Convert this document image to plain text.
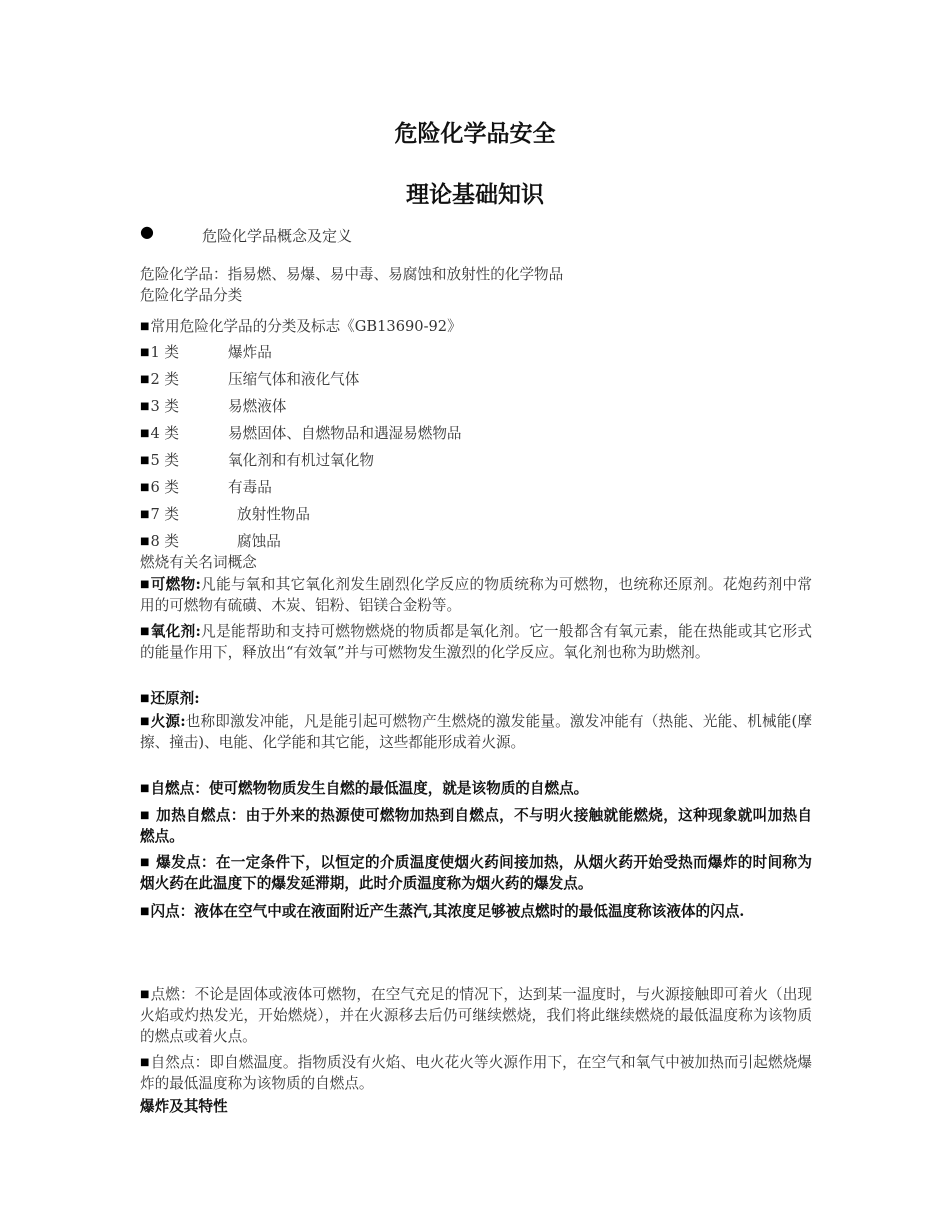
危险化学品安全
理论基础知识
●	危险化学品概念及定义
危险化学品：指易燃、易爆、易中毒、易腐蚀和放射性的化学物品
危险化学品分类
■常用危险化学品的分类及标志《GB13690-92》
■1 类	爆炸品
■2 类	压缩气体和液化气体
■3 类	易燃液体
■4 类	易燃固体、自燃物品和遇湿易燃物品
■5 类	氧化剂和有机过氧化物
■6 类	有毒品
■7 类	放射性物品
■8 类	腐蚀品
燃烧有关名词概念
■可燃物:凡能与氧和其它氧化剂发生剧烈化学反应的物质统称为可燃物，也统称还原剂。花炮药剂中常用的可燃物有硫磺、木炭、铝粉、铝镁合金粉等。
■氧化剂:凡是能帮助和支持可燃物燃烧的物质都是氧化剂。它一般都含有氧元素，能在热能或其它形式的能量作用下，释放出“有效氧”并与可燃物发生激烈的化学反应。氧化剂也称为助燃剂。
■还原剂:
■火源:也称即激发冲能，凡是能引起可燃物产生燃烧的激发能量。激发冲能有（热能、光能、机械能(摩擦、撞击)、电能、化学能和其它能，这些都能形成着火源。
■自燃点：使可燃物物质发生自燃的最低温度，就是该物质的自燃点。
■ 加热自燃点：由于外来的热源使可燃物加热到自燃点，不与明火接触就能燃烧，这种现象就叫加热自燃点。
■ 爆发点：在一定条件下，以恒定的介质温度使烟火药间接加热，从烟火药开始受热而爆炸的时间称为烟火药在此温度下的爆发延滞期，此时介质温度称为烟火药的爆发点。
■闪点：液体在空气中或在液面附近产生蒸汽,其浓度足够被点燃时的最低温度称该液体的闪点.
■点燃：不论是固体或液体可燃物，在空气充足的情况下，达到某一温度时，与火源接触即可着火（出现火焰或灼热发光，开始燃烧），并在火源移去后仍可继续燃烧，我们将此继续燃烧的最低温度称为该物质的燃点或着火点。
■自然点：即自燃温度。指物质没有火焰、电火花火等火源作用下，在空气和氧气中被加热而引起燃烧爆炸的最低温度称为该物质的自燃点。
爆炸及其特性
